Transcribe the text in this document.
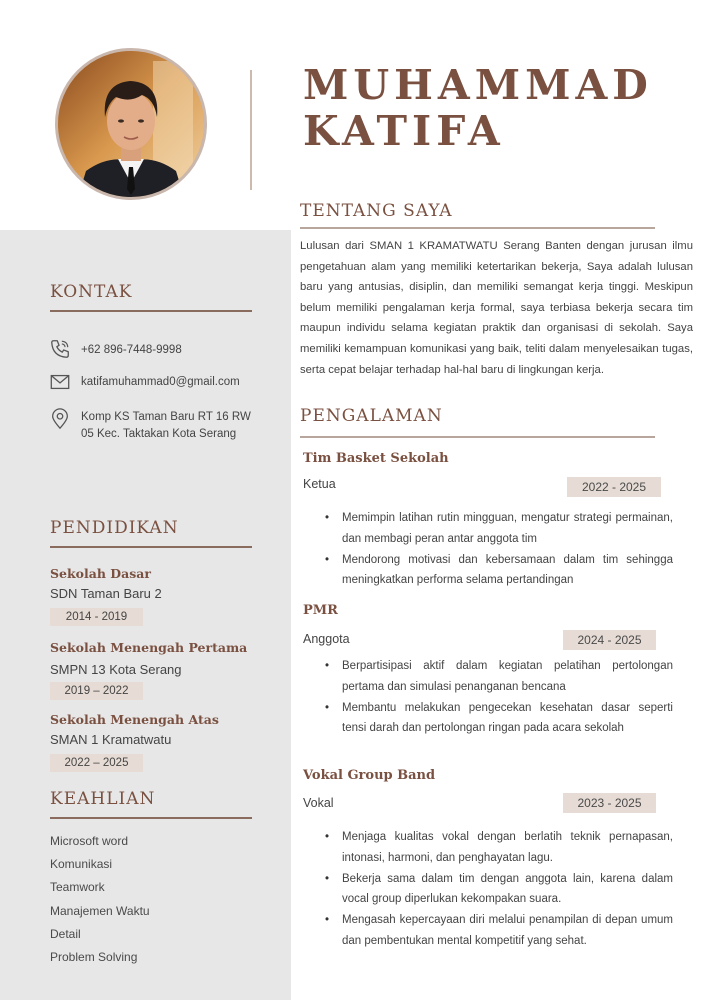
MUHAMMAD
KATIFA
TENTANG SAYA
Lulusan dari SMAN 1 KRAMATWATU Serang Banten dengan jurusan ilmu pengetahuan alam yang memiliki ketertarikan bekerja, Saya adalah lulusan baru yang antusias, disiplin, dan memiliki semangat kerja tinggi. Meskipun belum memiliki pengalaman kerja formal, saya terbiasa bekerja secara tim maupun individu selama kegiatan praktik dan organisasi di sekolah. Saya memiliki kemampuan komunikasi yang baik, teliti dalam menyelesaikan tugas, serta cepat belajar terhadap hal-hal baru di lingkungan kerja.
PENGALAMAN
Tim Basket Sekolah
Ketua	2022 - 2025
• Memimpin latihan rutin mingguan, mengatur strategi permainan, dan membagi peran antar anggota tim
• Mendorong motivasi dan kebersamaan dalam tim sehingga meningkatkan performa selama pertandingan
PMR
Anggota	2024 - 2025
• Berpartisipasi aktif dalam kegiatan pelatihan pertolongan pertama dan simulasi penanganan bencana
• Membantu melakukan pengecekan kesehatan dasar seperti tensi darah dan pertolongan ringan pada acara sekolah
Vokal Group Band
Vokal	2023 - 2025
• Menjaga kualitas vokal dengan berlatih teknik pernapasan, intonasi, harmoni, dan penghayatan lagu.
• Bekerja sama dalam tim dengan anggota lain, karena dalam vocal group diperlukan kekompakan suara.
• Mengasah kepercayaan diri melalui penampilan di depan umum dan pembentukan mental kompetitif yang sehat.
KONTAK
+62 896-7448-9998
katifamuhammad0@gmail.com
Komp KS Taman Baru RT 16 RW 05 Kec. Taktakan Kota Serang
PENDIDIKAN
Sekolah Dasar
SDN Taman Baru 2
2014 - 2019
Sekolah Menengah Pertama
SMPN 13 Kota Serang
2019 – 2022
Sekolah Menengah Atas
SMAN 1 Kramatwatu
2022 – 2025
KEAHLIAN
Microsoft word
Komunikasi
Teamwork
Manajemen Waktu
Detail
Problem Solving
